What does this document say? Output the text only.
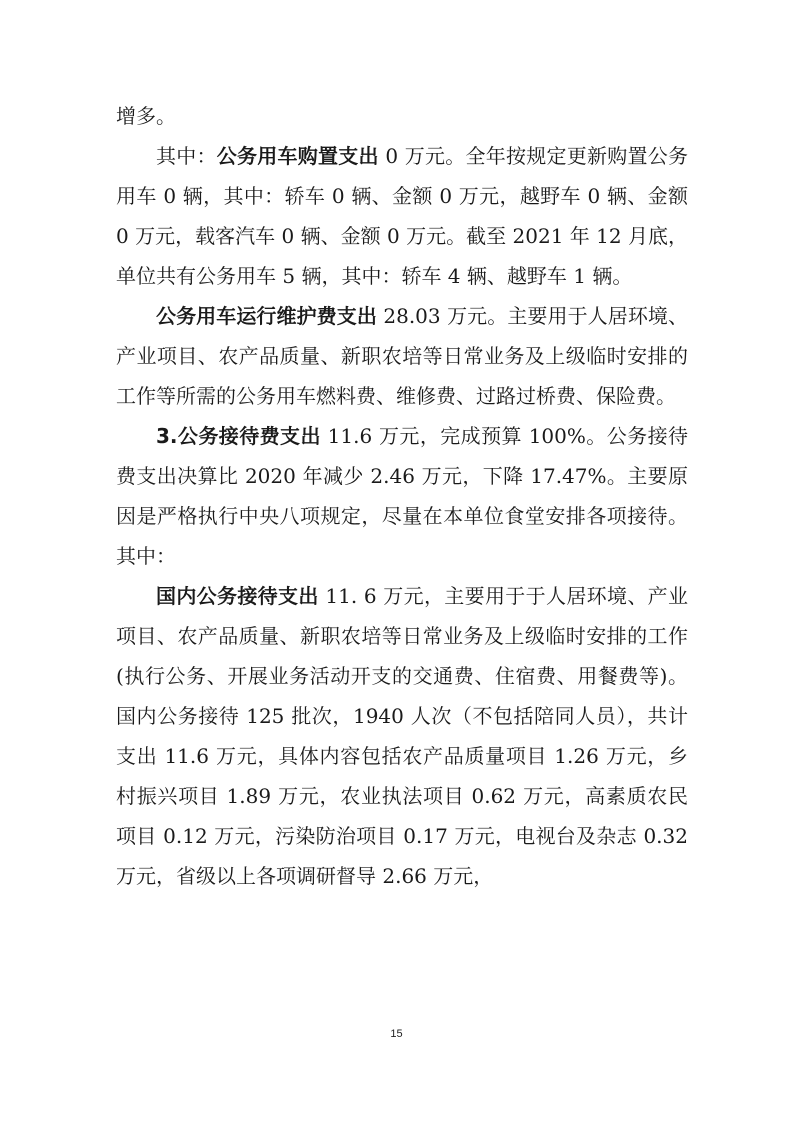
增多。

其中：公务用车购置支出 0 万元。全年按规定更新购置公务用车 0 辆，其中：轿车 0 辆、金额 0 万元，越野车 0 辆、金额 0 万元，载客汽车 0 辆、金额 0 万元。截至 2021 年 12 月底，单位共有公务用车 5 辆，其中：轿车 4 辆、越野车 1 辆。

公务用车运行维护费支出 28.03 万元。主要用于人居环境、产业项目、农产品质量、新职农培等日常业务及上级临时安排的工作等所需的公务用车燃料费、维修费、过路过桥费、保险费。

3.公务接待费支出 11.6 万元，完成预算 100%。公务接待费支出决算比 2020 年减少 2.46 万元，下降 17.47%。主要原因是严格执行中央八项规定，尽量在本单位食堂安排各项接待。其中：

国内公务接待支出 11. 6 万元，主要用于于人居环境、产业项目、农产品质量、新职农培等日常业务及上级临时安排的工作 (执行公务、开展业务活动开支的交通费、住宿费、用餐费等)。国内公务接待 125 批次，1940 人次（不包括陪同人员），共计支出 11.6 万元，具体内容包括农产品质量项目 1.26 万元，乡村振兴项目 1.89 万元，农业执法项目 0.62 万元，高素质农民项目 0.12 万元，污染防治项目 0.17 万元，电视台及杂志 0.32 万元，省级以上各项调研督导 2.66 万元，

15
